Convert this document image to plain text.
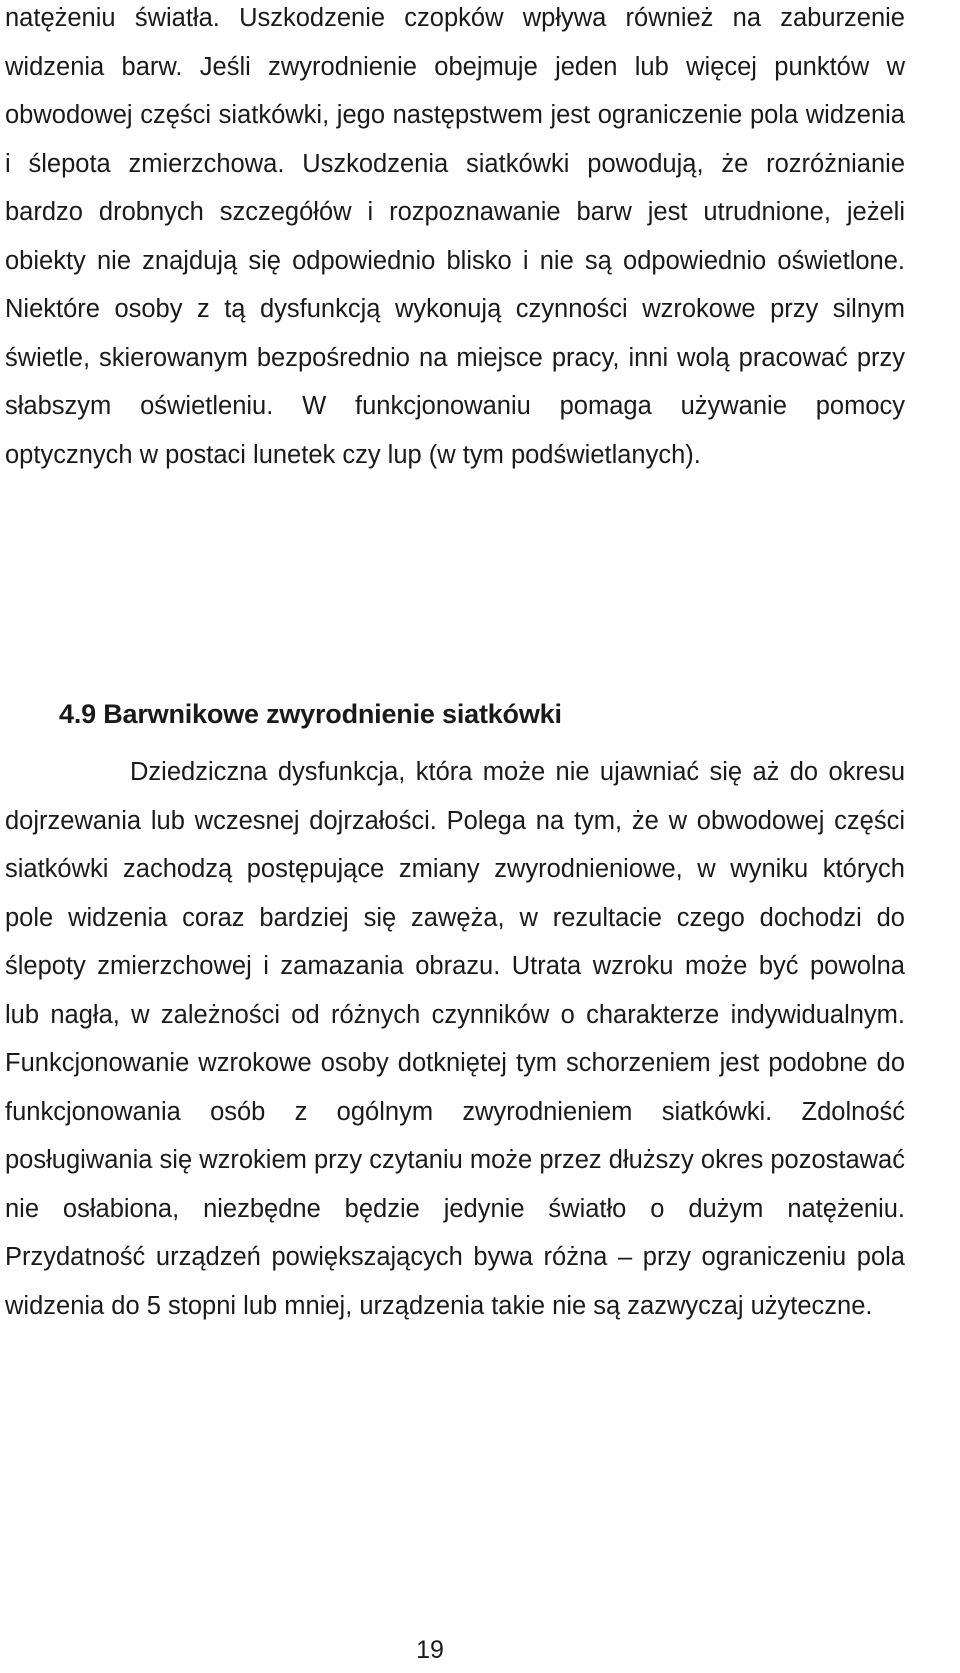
natężeniu światła. Uszkodzenie czopków wpływa również na zaburzenie widzenia barw. Jeśli zwyrodnienie obejmuje jeden lub więcej punktów w obwodowej części siatkówki, jego następstwem jest ograniczenie pola widzenia i ślepota zmierzchowa. Uszkodzenia siatkówki powodują, że rozróżnianie bardzo drobnych szczegółów i rozpoznawanie barw jest utrudnione, jeżeli obiekty nie znajdują się odpowiednio blisko i nie są odpowiednio oświetlone. Niektóre osoby z tą dysfunkcją wykonują czynności wzrokowe przy silnym świetle, skierowanym bezpośrednio na miejsce pracy, inni wolą pracować przy słabszym oświetleniu. W funkcjonowaniu pomaga używanie pomocy optycznych w postaci lunetek czy lup (w tym podświetlanych).

4.9 Barwnikowe zwyrodnienie siatkówki

Dziedziczna dysfunkcja, która może nie ujawniać się aż do okresu dojrzewania lub wczesnej dojrzałości. Polega na tym, że w obwodowej części siatkówki zachodzą postępujące zmiany zwyrodnieniowe, w wyniku których pole widzenia coraz bardziej się zawęża, w rezultacie czego dochodzi do ślepoty zmierzchowej i zamazania obrazu. Utrata wzroku może być powolna lub nagła, w zależności od różnych czynników o charakterze indywidualnym. Funkcjonowanie wzrokowe osoby dotkniętej tym schorzeniem jest podobne do funkcjonowania osób z ogólnym zwyrodnieniem siatkówki. Zdolność posługiwania się wzrokiem przy czytaniu może przez dłuższy okres pozostawać nie osłabiona, niezbędne będzie jedynie światło o dużym natężeniu. Przydatność urządzeń powiększających bywa różna – przy ograniczeniu pola widzenia do 5 stopni lub mniej, urządzenia takie nie są zazwyczaj użyteczne.

19
